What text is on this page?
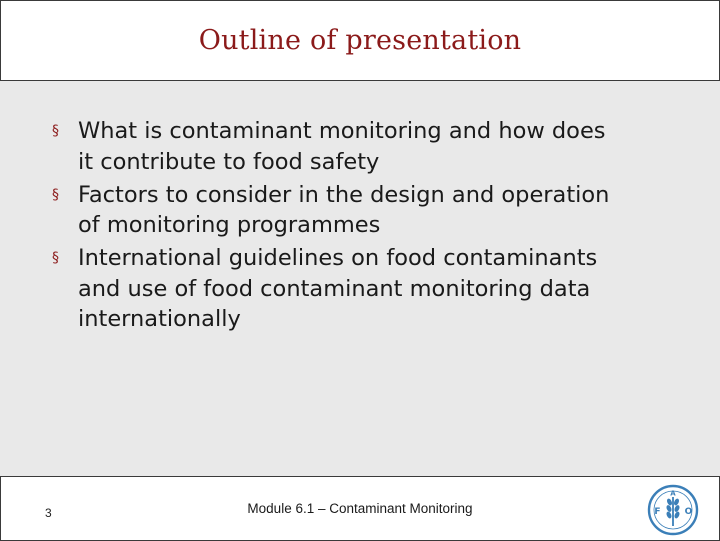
Outline of presentation
§ What is contaminant monitoring and how does
it contribute to food safety
§ Factors to consider in the design and operation
of monitoring programmes
§ International guidelines on food contaminants
and use of food contaminant monitoring data
internationally
3	Module 6.1 – Contaminant Monitoring	F
A
O
